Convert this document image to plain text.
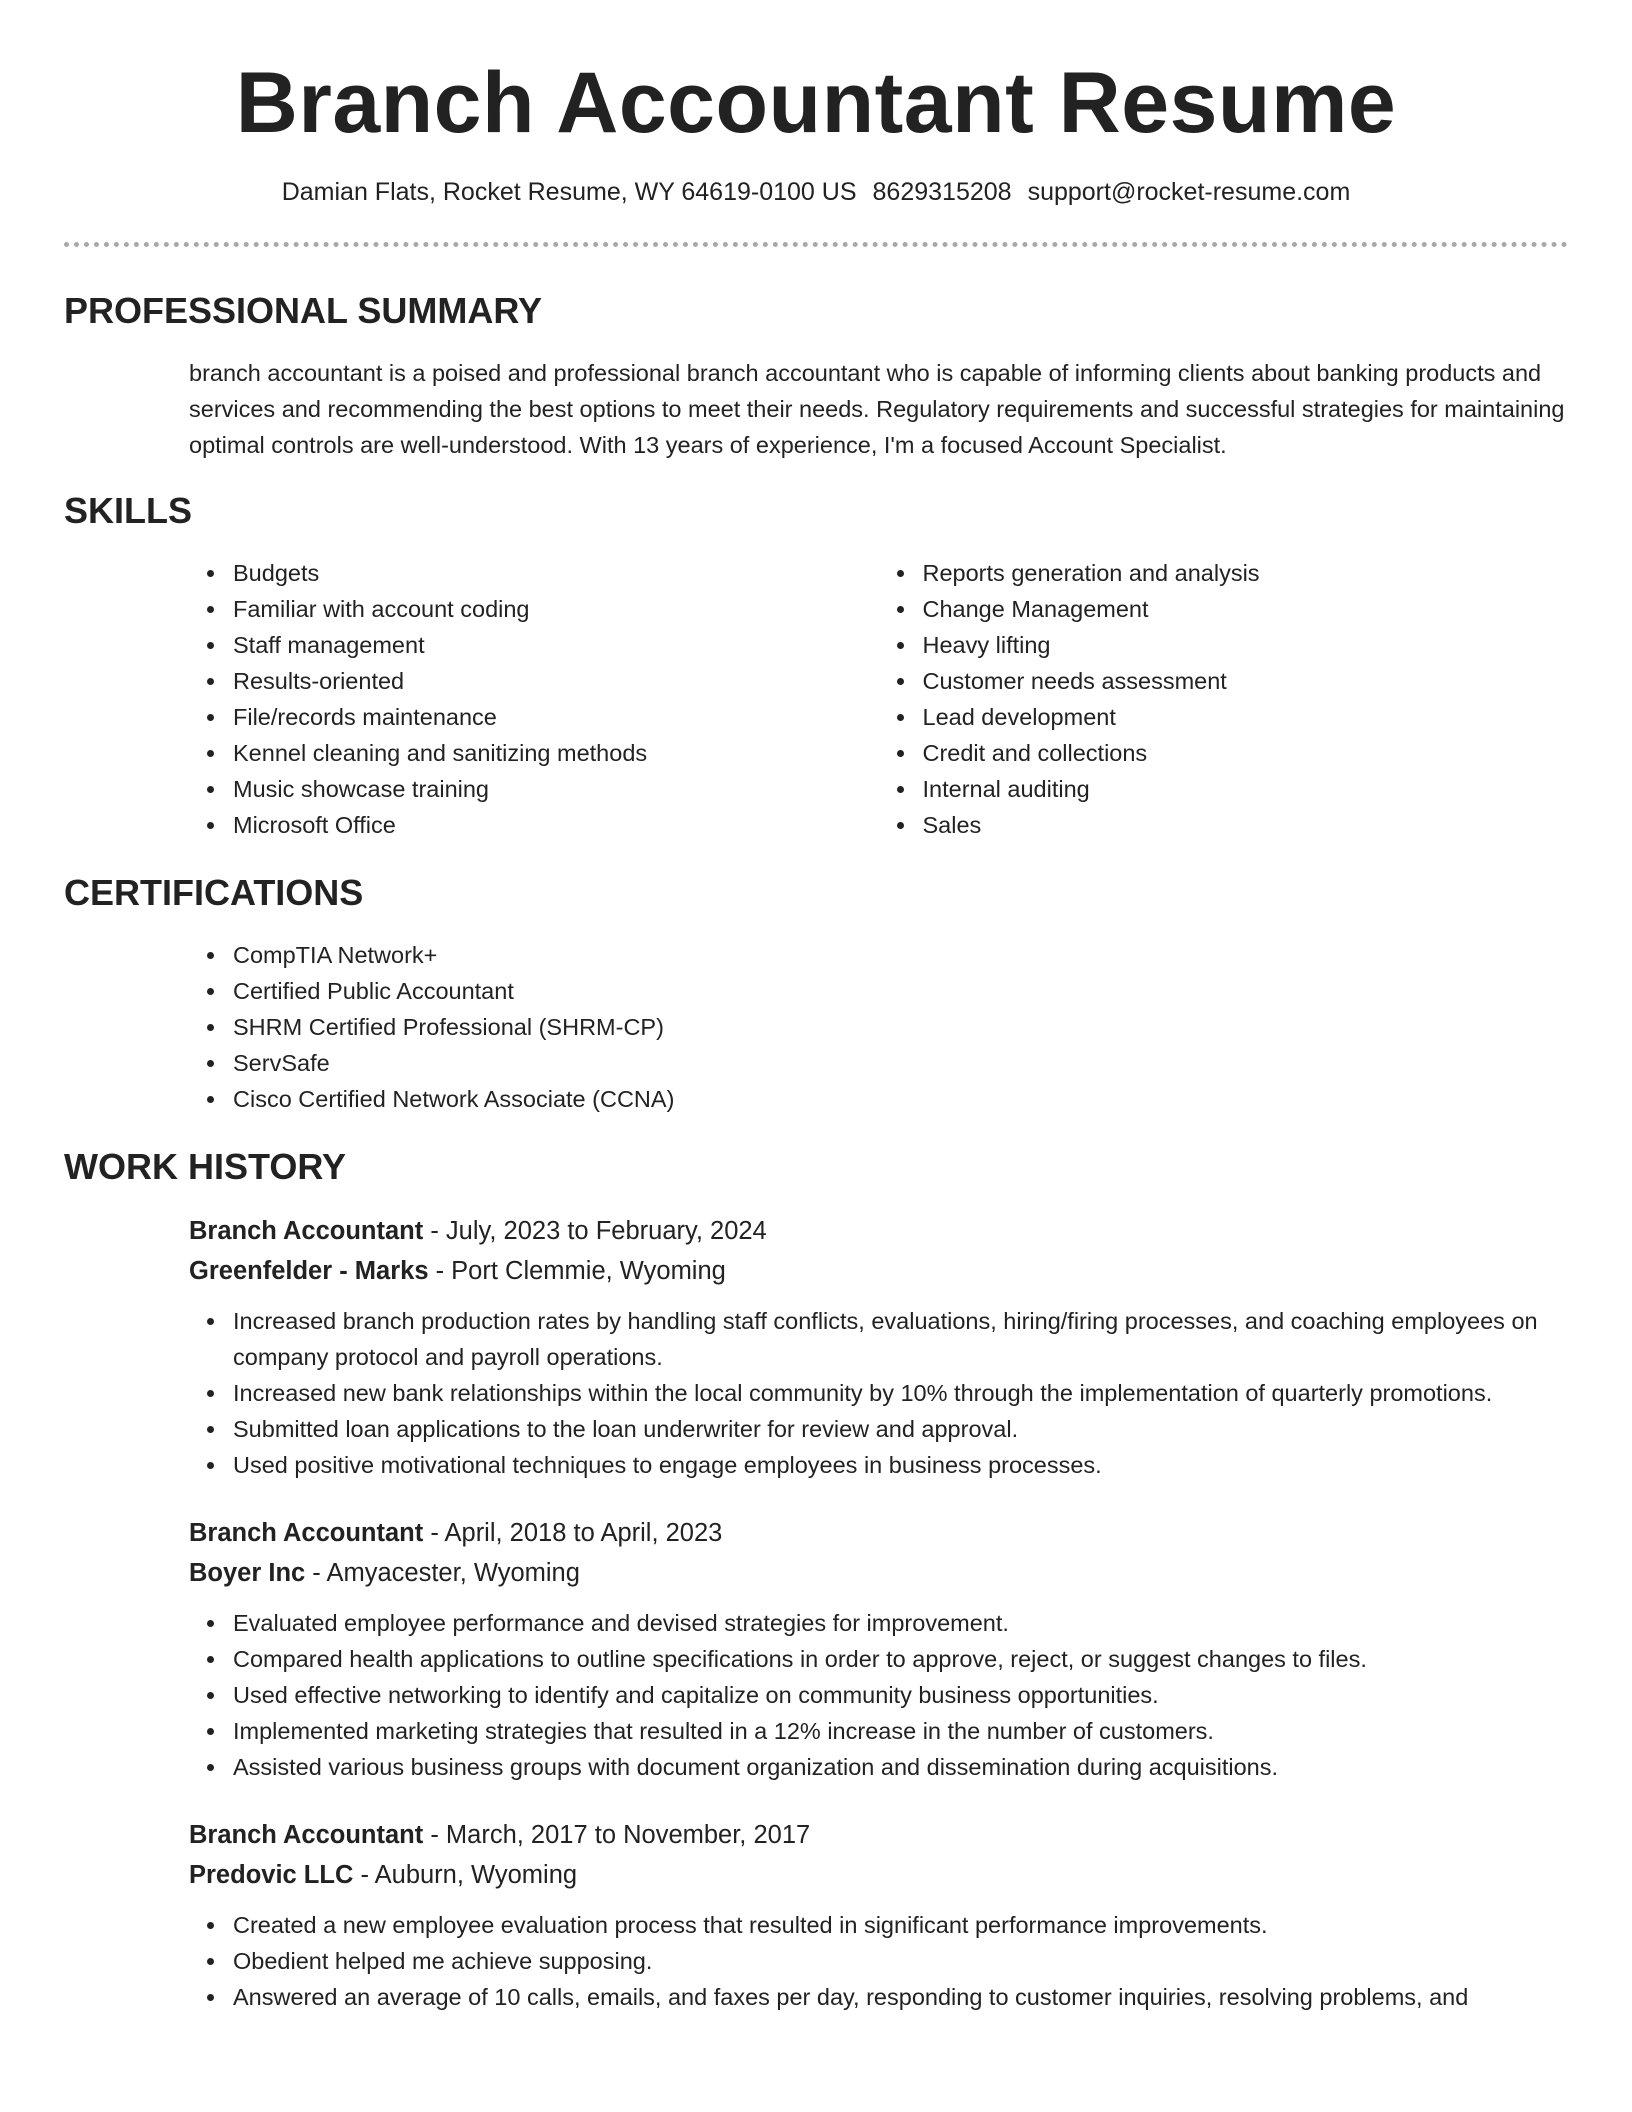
Branch Accountant Resume
Damian Flats, Rocket Resume, WY 64619-0100 US 8629315208 support@rocket-resume.com
PROFESSIONAL SUMMARY

branch accountant is a poised and professional branch accountant who is capable of informing clients about banking products and services and recommending the best options to meet their needs. Regulatory requirements and successful strategies for maintaining optimal controls are well-understood. With 13 years of experience, I'm a focused Account Specialist.

SKILLS
Budgets
Familiar with account coding
Staff management
Results-oriented
File/records maintenance
Kennel cleaning and sanitizing methods
Music showcase training
Microsoft Office
Reports generation and analysis
Change Management
Heavy lifting
Customer needs assessment
Lead development
Credit and collections
Internal auditing
Sales
CERTIFICATIONS
CompTIA Network+
Certified Public Accountant
SHRM Certified Professional (SHRM-CP)
ServSafe
Cisco Certified Network Associate (CCNA)
WORK HISTORY
Branch Accountant - July, 2023 to February, 2024
Greenfelder - Marks - Port Clemmie, Wyoming
Increased branch production rates by handling staff conflicts, evaluations, hiring/firing processes, and coaching employees on company protocol and payroll operations.
Increased new bank relationships within the local community by 10% through the implementation of quarterly promotions.
Submitted loan applications to the loan underwriter for review and approval.
Used positive motivational techniques to engage employees in business processes.
Branch Accountant - April, 2018 to April, 2023
Boyer Inc - Amyacester, Wyoming
Evaluated employee performance and devised strategies for improvement.
Compared health applications to outline specifications in order to approve, reject, or suggest changes to files.
Used effective networking to identify and capitalize on community business opportunities.
Implemented marketing strategies that resulted in a 12% increase in the number of customers.
Assisted various business groups with document organization and dissemination during acquisitions.
Branch Accountant - March, 2017 to November, 2017
Predovic LLC - Auburn, Wyoming
Created a new employee evaluation process that resulted in significant performance improvements.
Obedient helped me achieve supposing.
Answered an average of 10 calls, emails, and faxes per day, responding to customer inquiries, resolving problems, and
